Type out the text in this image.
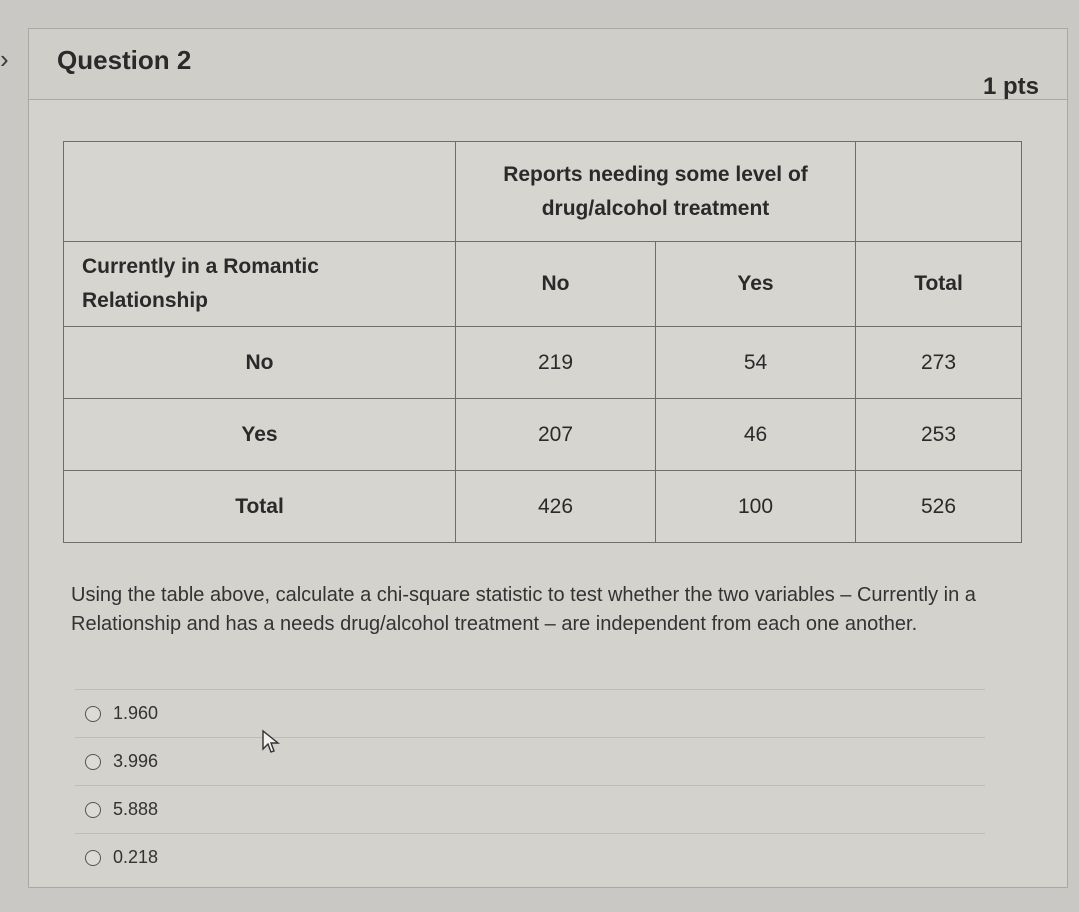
›	Question 2
1 pts
	Reports needing some level of drug/alcohol treatment		
Currently in a Romantic Relationship	No	Yes	Total
No	219	54	273
Yes	207	46	253
Total	426	100	526
Using the table above, calculate a chi-square statistic to test whether the two variables – Currently in a Relationship and has a needs drug/alcohol treatment – are independent from each one another.
1.960
3.996
5.888
0.218
